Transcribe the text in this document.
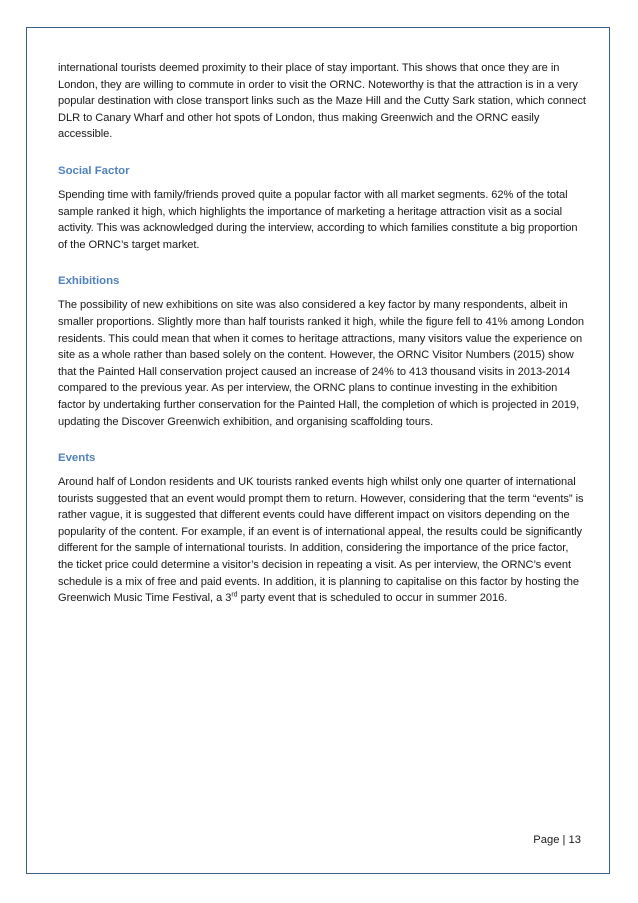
international tourists deemed proximity to their place of stay important. This shows that once they are in London, they are willing to commute in order to visit the ORNC. Noteworthy is that the attraction is in a very popular destination with close transport links such as the Maze Hill and the Cutty Sark station, which connect DLR to Canary Wharf and other hot spots of London, thus making Greenwich and the ORNC easily accessible.

Social Factor

Spending time with family/friends proved quite a popular factor with all market segments. 62% of the total sample ranked it high, which highlights the importance of marketing a heritage attraction visit as a social activity. This was acknowledged during the interview, according to which families constitute a big proportion of the ORNC’s target market.

Exhibitions

The possibility of new exhibitions on site was also considered a key factor by many respondents, albeit in smaller proportions. Slightly more than half tourists ranked it high, while the figure fell to 41% among London residents. This could mean that when it comes to heritage attractions, many visitors value the experience on site as a whole rather than based solely on the content. However, the ORNC Visitor Numbers (2015) show that the Painted Hall conservation project caused an increase of 24% to 413 thousand visits in 2013-2014 compared to the previous year. As per interview, the ORNC plans to continue investing in the exhibition factor by undertaking further conservation for the Painted Hall, the completion of which is projected in 2019, updating the Discover Greenwich exhibition, and organising scaffolding tours.

Events

Around half of London residents and UK tourists ranked events high whilst only one quarter of international tourists suggested that an event would prompt them to return. However, considering that the term “events” is rather vague, it is suggested that different events could have different impact on visitors depending on the popularity of the content. For example, if an event is of international appeal, the results could be significantly different for the sample of international tourists. In addition, considering the importance of the price factor, the ticket price could determine a visitor’s decision in repeating a visit. As per interview, the ORNC’s event schedule is a mix of free and paid events. In addition, it is planning to capitalise on this factor by hosting the Greenwich Music Time Festival, a 3rd party event that is scheduled to occur in summer 2016.

Page | 13
